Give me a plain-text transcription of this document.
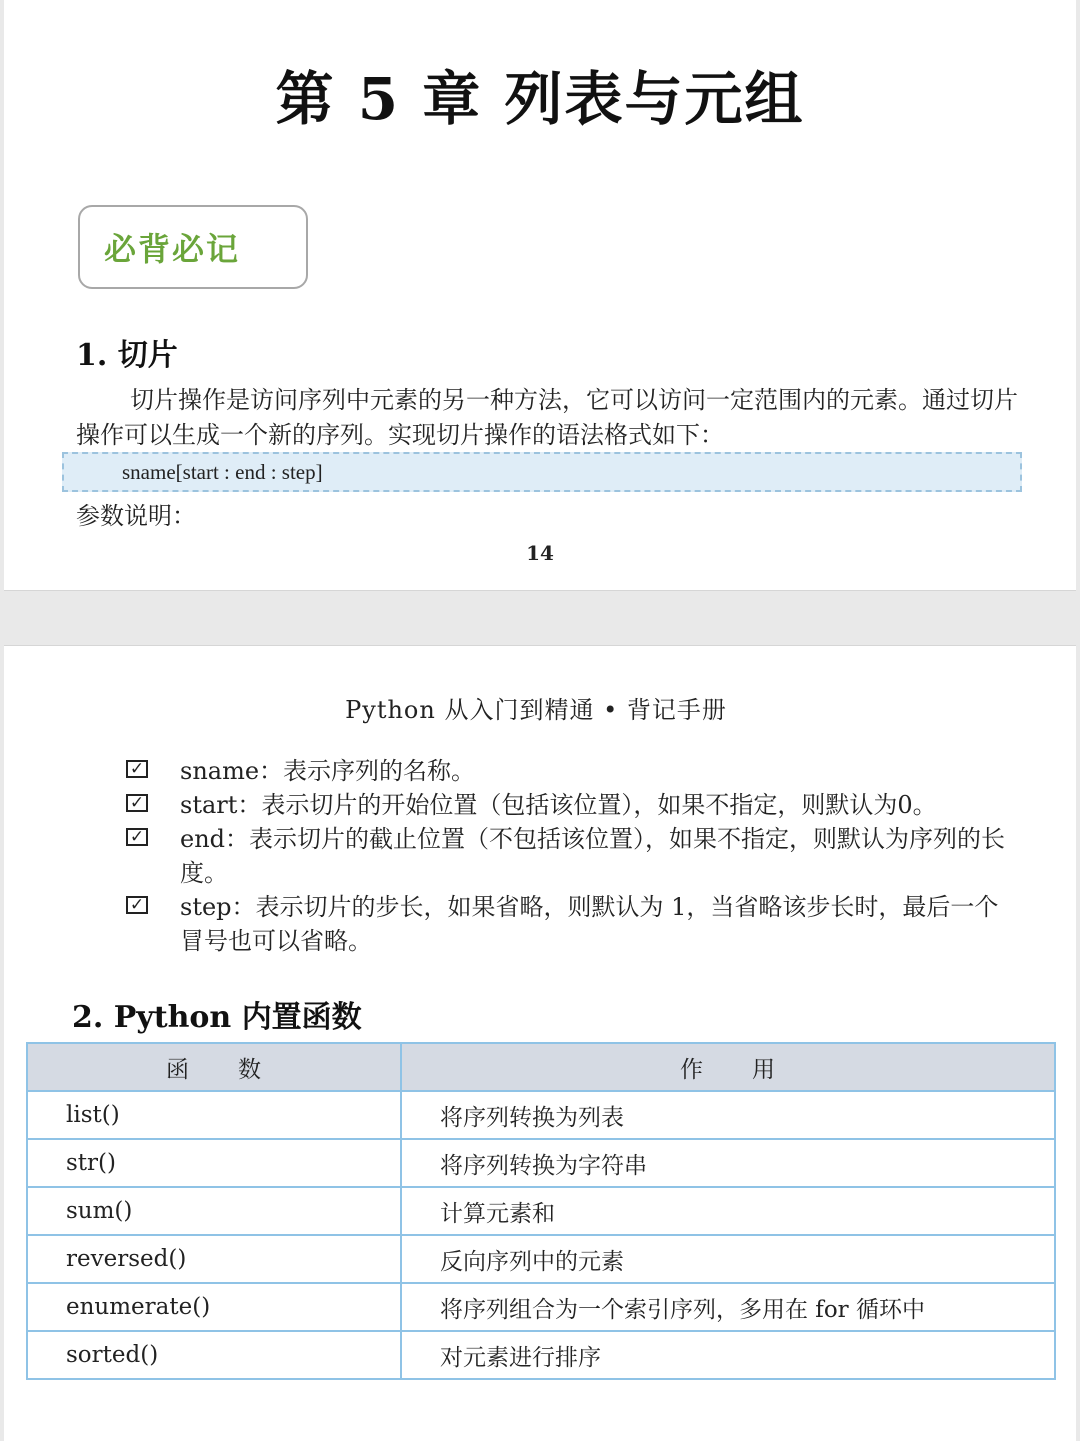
第 5 章 列表与元组
必背必记
1. 切片
切片操作是访问序列中元素的另一种方法，它可以访问一定范围内的元素。通过切片操作可以生成一个新的序列。实现切片操作的语法格式如下：
sname[start : end : step]
参数说明：
14
Python 从入门到精通 • 背记手册
✓ sname：表示序列的名称。
✓ start：表示切片的开始位置（包括该位置），如果不指定，则默认为0。
✓ end：表示切片的截止位置（不包括该位置），如果不指定，则默认为序列的长度。
✓ step：表示切片的步长，如果省略，则默认为 1，当省略该步长时，最后一个冒号也可以省略。
2. Python 内置函数
函　　数	作　　用
list()	将序列转换为列表
str()	将序列转换为字符串
sum()	计算元素和
reversed()	反向序列中的元素
enumerate()	将序列组合为一个索引序列，多用在 for 循环中
sorted()	对元素进行排序
